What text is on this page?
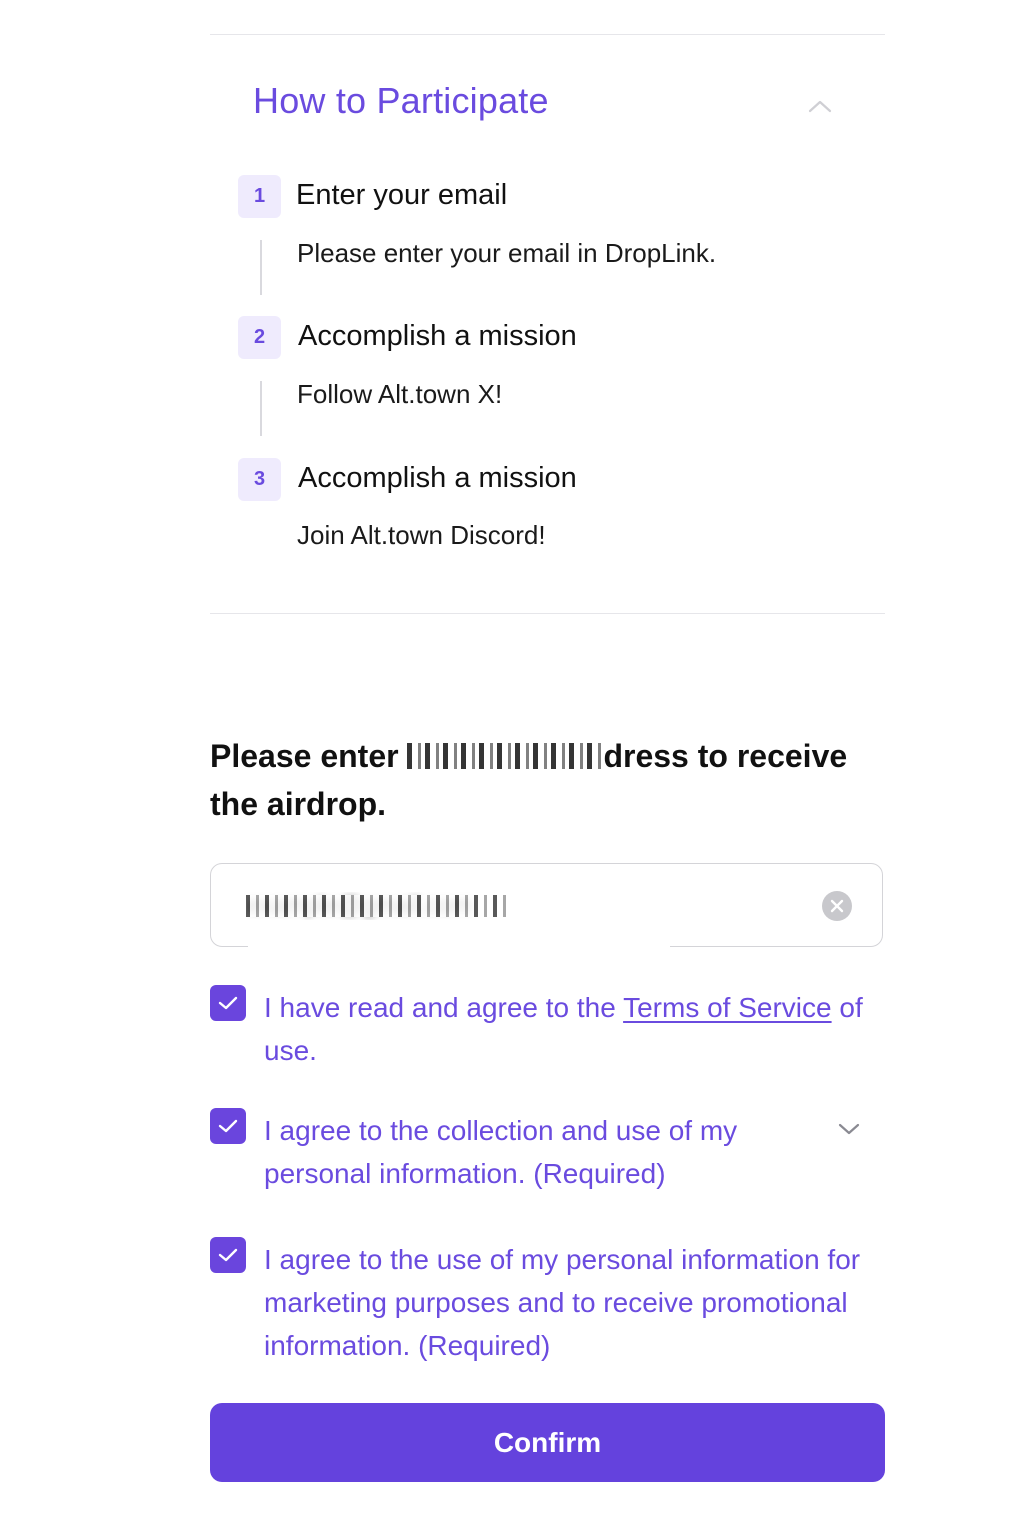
How to Participate
1	Enter your email
Please enter your email in DropLink.
2	Accomplish a mission
Follow Alt.town X!
3	Accomplish a mission
Join Alt.town Discord!

Please enter	dress to receive the airdrop.

example@gmail.com

I have read and agree to the Terms of Service of use.

I agree to the collection and use of my personal information. (Required)

I agree to the use of my personal information for marketing purposes and to receive promotional information. (Required)

Confirm
